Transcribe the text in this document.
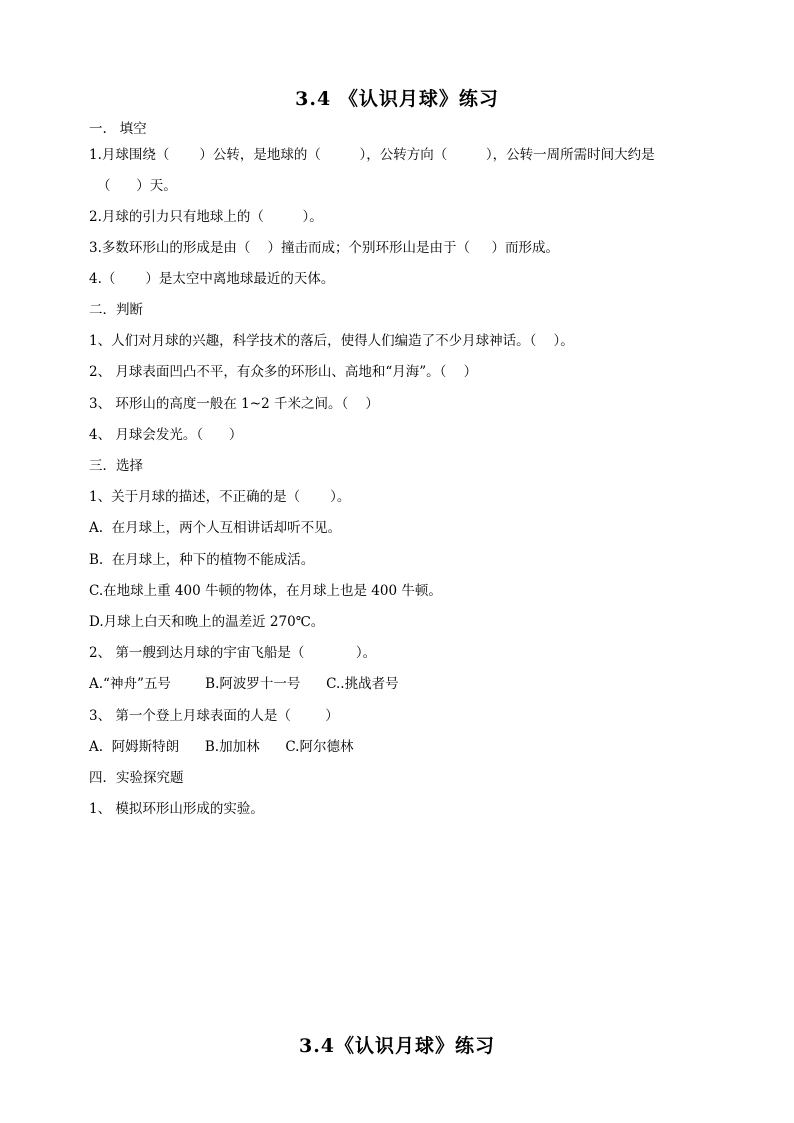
3.4 《认识月球》练习
一.   填空
1.月球围绕（       ）公转，是地球的（         ），公转方向（         ），公转一周所需时间大约是
（      ）天。
2.月球的引力只有地球上的（         ）。
3.多数环形山的形成是由（    ）撞击而成；个别环形山是由于（     ）而形成。
4.（       ）是太空中离地球最近的天体。
二．判断
1、人们对月球的兴趣，科学技术的落后，使得人们编造了不少月球神话。（    ）。
2、 月球表面凹凸不平，有众多的环形山、高地和“月海”。（    ）
3、 环形山的高度一般在 1~2 千米之间。（    ）
4、 月球会发光。（      ）
三．选择
1、关于月球的描述，不正确的是（       ）。
A.  在月球上，两个人互相讲话却听不见。
B.  在月球上，种下的植物不能成活。
C.在地球上重 400 牛顿的物体，在月球上也是 400 牛顿。
D.月球上白天和晚上的温差近 270℃。
2、 第一艘到达月球的宇宙飞船是（            ）。
A.“神舟”五号        B.阿波罗十一号      C..挑战者号
3、 第一个登上月球表面的人是（        ）
A.  阿姆斯特朗      B.加加林      C.阿尔德林
四．实验探究题
1、 模拟环形山形成的实验。
3.4《认识月球》练习
